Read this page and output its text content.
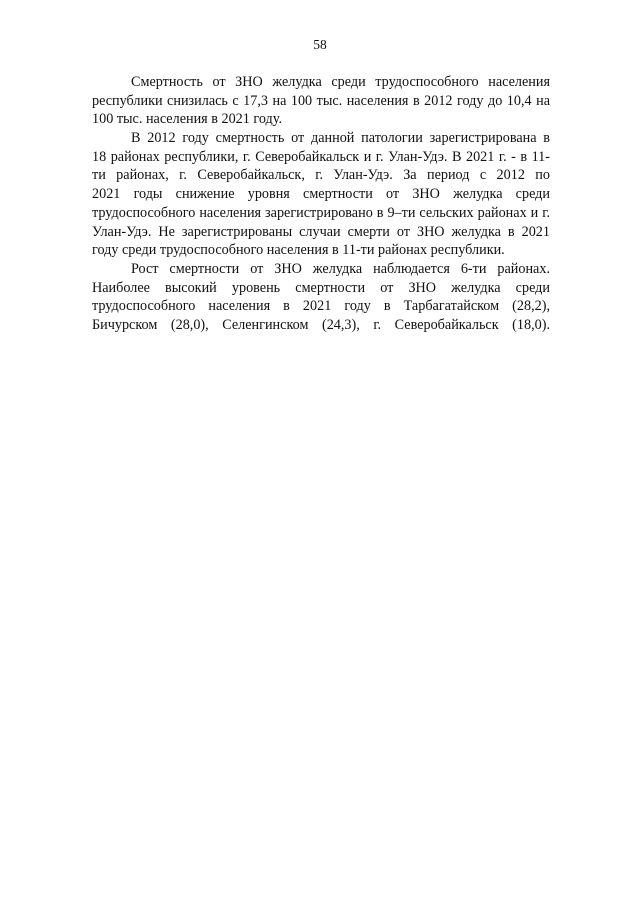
58

Смертность от ЗНО желудка среди трудоспособного населения
республики снизилась с 17,3 на 100 тыс. населения в 2012 году до 10,4 на
100 тыс. населения в 2021 году.

В 2012 году смертность от данной патологии зарегистрирована в
18 районах республики, г. Северобайкальск и г. Улан-Удэ. В 2021 г. - в 11-
ти районах, г. Северобайкальск, г. Улан-Удэ. За период с 2012 по
2021 годы снижение уровня смертности от ЗНО желудка среди
трудоспособного населения зарегистрировано в 9–ти сельских районах и г.
Улан-Удэ. Не зарегистрированы случаи смерти от ЗНО желудка в 2021
году среди трудоспособного населения в 11-ти районах республики.

Рост смертности от ЗНО желудка наблюдается 6-ти районах.
Наиболее высокий уровень смертности от ЗНО желудка среди
трудоспособного населения в 2021 году в Тарбагатайском (28,2),
Бичурском (28,0), Селенгинском (24,3), г. Северобайкальск (18,0).
